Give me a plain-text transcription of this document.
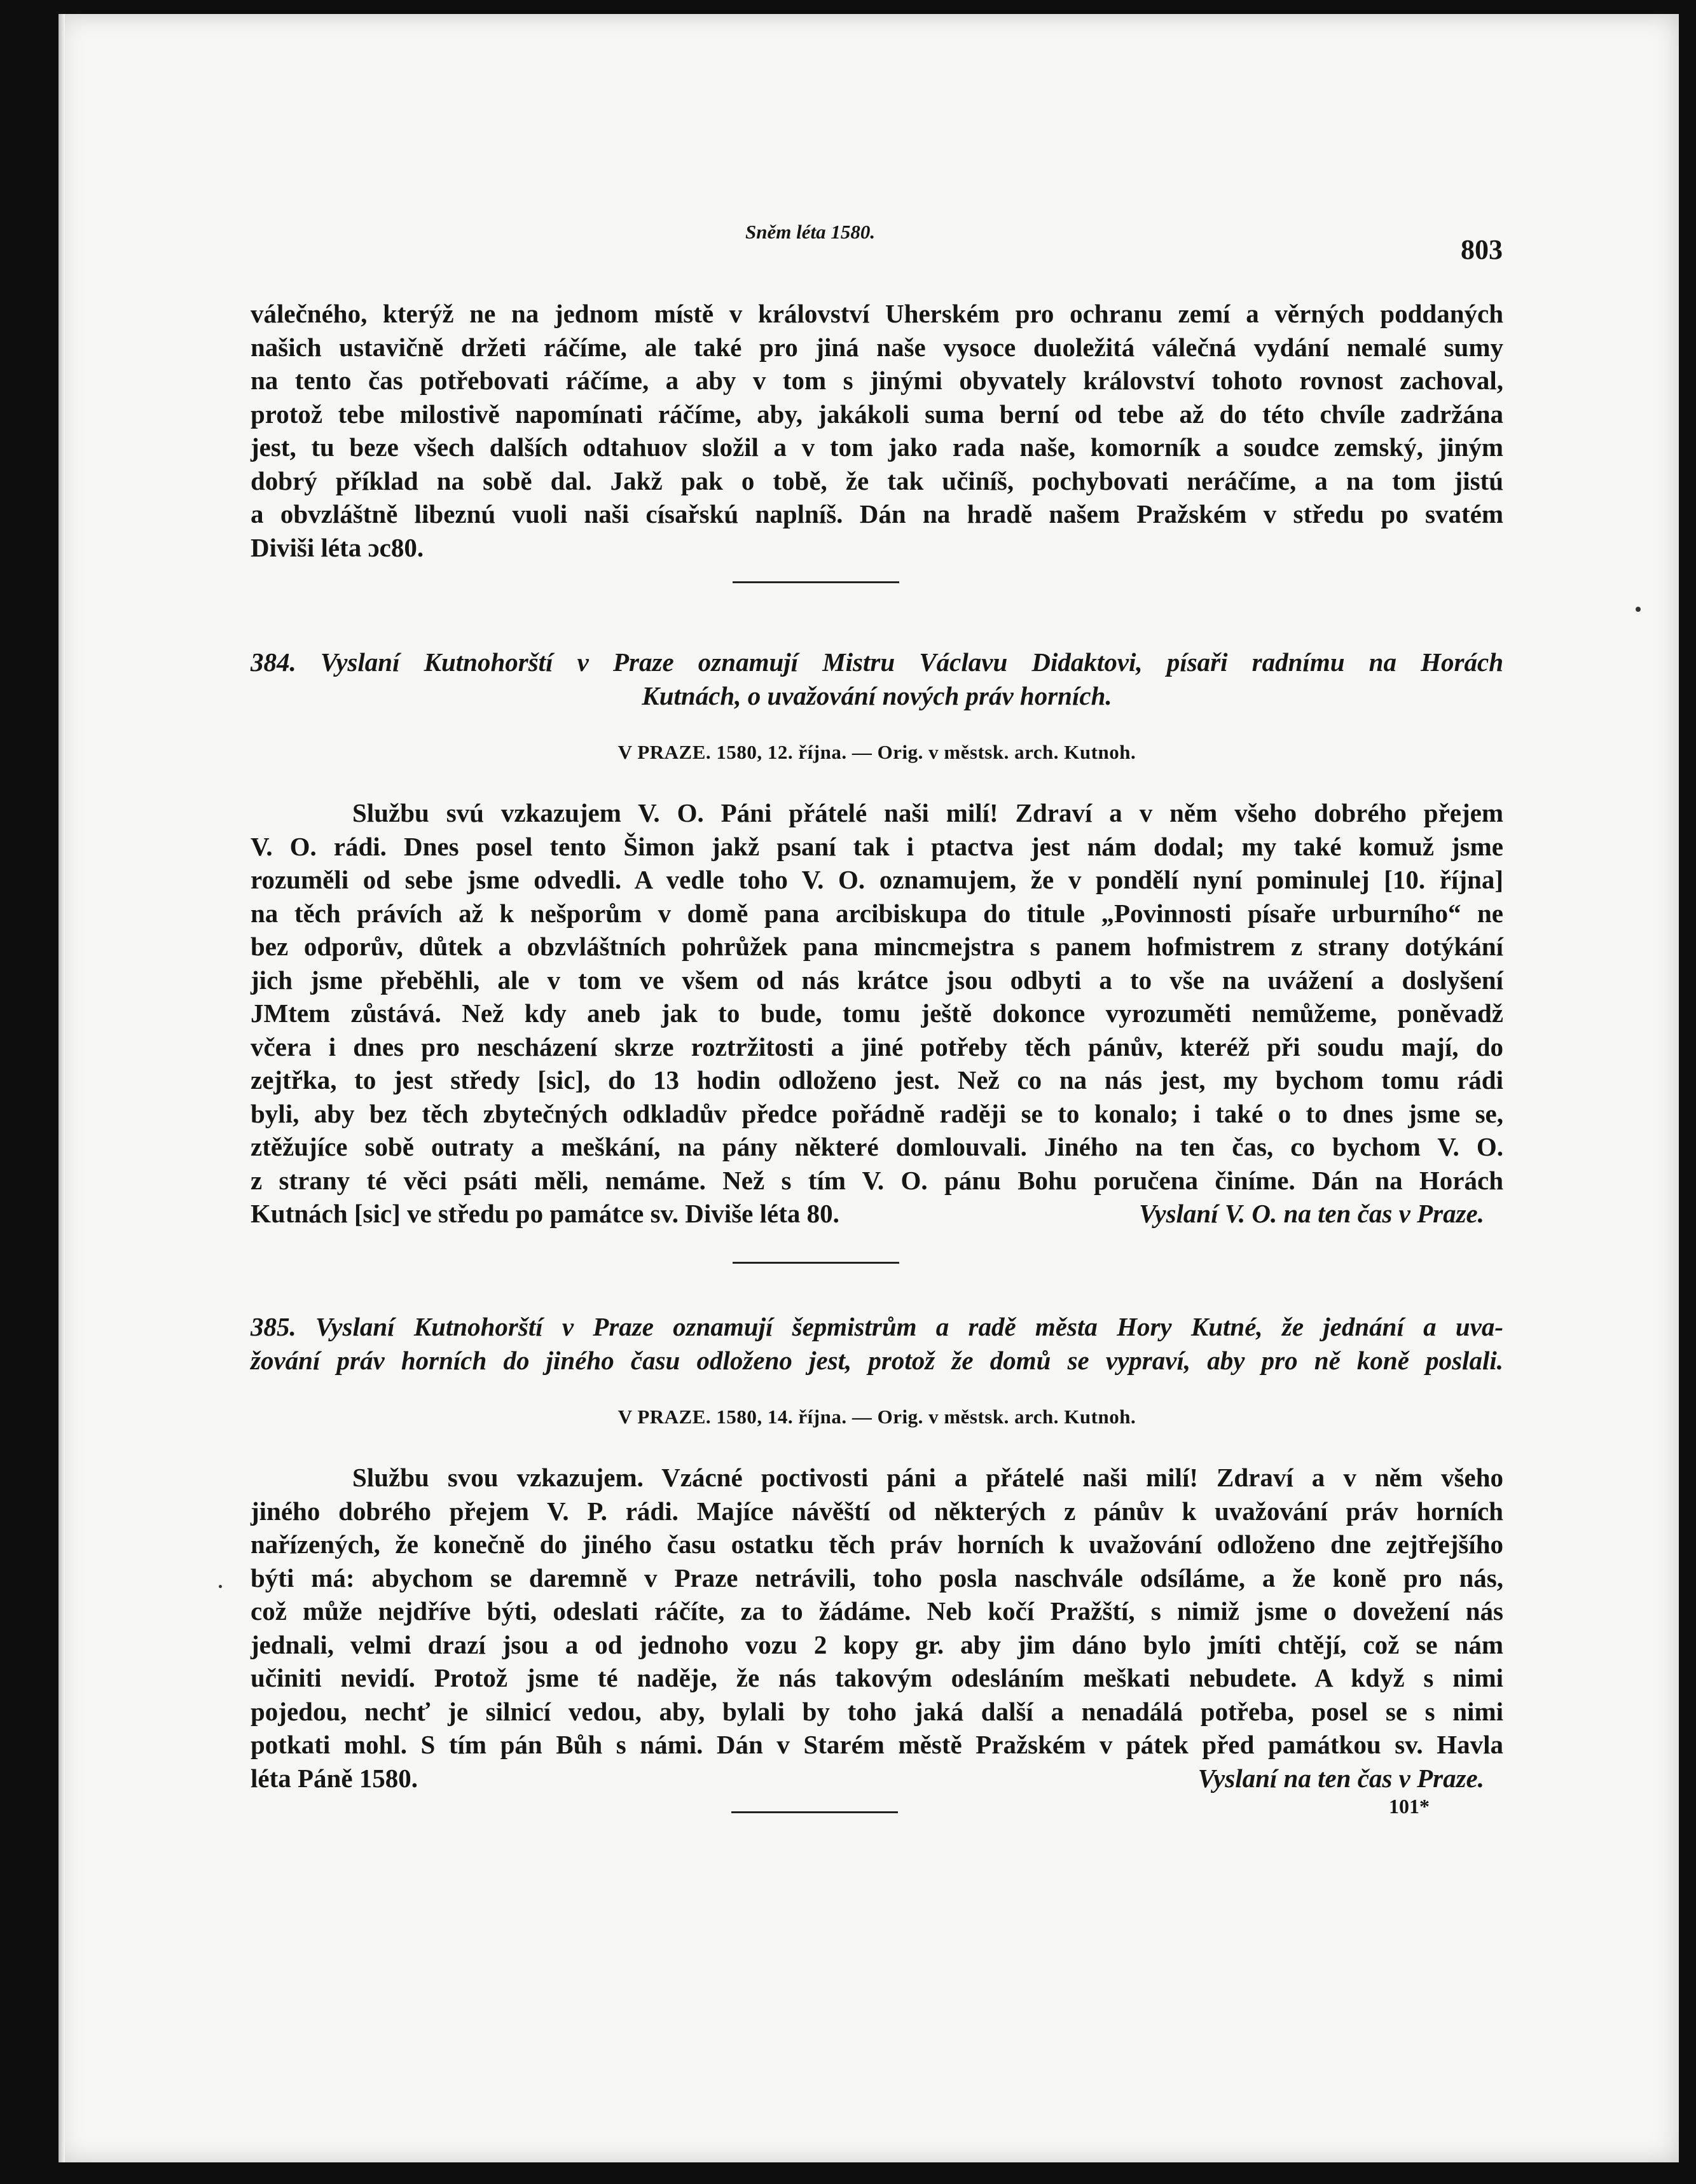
Sněm léta 1580.
803
válečného, kterýž ne na jednom místě v království Uherském pro ochranu zemí a věrných poddaných
našich ustavičně držeti ráčíme, ale také pro jiná naše vysoce duoležitá válečná vydání nemalé sumy
na tento čas potřebovati ráčíme, a aby v tom s jinými obyvately království tohoto rovnost zachoval,
protož tebe milostivě napomínati ráčíme, aby, jakákoli suma berní od tebe až do této chvíle zadržána
jest, tu beze všech dalších odtahuov složil a v tom jako rada naše, komorník a soudce zemský, jiným
dobrý příklad na sobě dal. Jakž pak o tobě, že tak učiníš, pochybovati neráčíme, a na tom jistú
a obvzláštně libeznú vuoli naši císařskú naplníš. Dán na hradě našem Pražském v středu po svatém
Diviši léta ɔc80.
384. Vyslaní Kutnohorští v Praze oznamují Mistru Václavu Didaktovi, písaři radnímu na Horách
Kutnách, o uvažování nových práv horních.
V PRAZE. 1580, 12. října. — Orig. v městsk. arch. Kutnoh.
Službu svú vzkazujem V. O. Páni přátelé naši milí! Zdraví a v něm všeho dobrého přejem
V. O. rádi. Dnes posel tento Šimon jakž psaní tak i ptactva jest nám dodal; my také komuž jsme
rozuměli od sebe jsme odvedli. A vedle toho V. O. oznamujem, že v pondělí nyní pominulej [10. října]
na těch právích až k nešporům v domě pana arcibiskupa do titule „Povinnosti písaře urburního“ ne
bez odporův, důtek a obzvláštních pohrůžek pana mincmejstra s panem hofmistrem z strany dotýkání
jich jsme přeběhli, ale v tom ve všem od nás krátce jsou odbyti a to vše na uvážení a doslyšení
JMtem zůstává. Než kdy aneb jak to bude, tomu ještě dokonce vyrozuměti nemůžeme, poněvadž
včera i dnes pro nescházení skrze roztržitosti a jiné potřeby těch pánův, kteréž při soudu mají, do
zejtřka, to jest středy [sic], do 13 hodin odloženo jest. Než co na nás jest, my bychom tomu rádi
byli, aby bez těch zbytečných odkladův předce pořádně raději se to konalo; i také o to dnes jsme se,
ztěžujíce sobě outraty a meškání, na pány některé domlouvali. Jiného na ten čas, co bychom V. O.
z strany té věci psáti měli, nemáme. Než s tím V. O. pánu Bohu poručena činíme. Dán na Horách
Kutnách [sic] ve středu po památce sv. Diviše léta 80.	Vyslaní V. O. na ten čas v Praze.
385. Vyslaní Kutnohorští v Praze oznamují šepmistrům a radě města Hory Kutné, že jednání a uva-
žování práv horních do jiného času odloženo jest, protož že domů se vypraví, aby pro ně koně poslali.
V PRAZE. 1580, 14. října. — Orig. v městsk. arch. Kutnoh.
Službu svou vzkazujem. Vzácné poctivosti páni a přátelé naši milí! Zdraví a v něm všeho
jiného dobrého přejem V. P. rádi. Majíce návěští od některých z pánův k uvažování práv horních
nařízených, že konečně do jiného času ostatku těch práv horních k uvažování odloženo dne zejtřejšího
býti má: abychom se daremně v Praze netrávili, toho posla naschvále odsíláme, a že koně pro nás,
což může nejdříve býti, odeslati ráčíte, za to žádáme. Neb kočí Pražští, s nimiž jsme o dovežení nás
jednali, velmi drazí jsou a od jednoho vozu 2 kopy gr. aby jim dáno bylo jmíti chtějí, což se nám
učiniti nevidí. Protož jsme té naděje, že nás takovým odesláním meškati nebudete. A když s nimi
pojedou, nechť je silnicí vedou, aby, bylali by toho jaká další a nenadálá potřeba, posel se s nimi
potkati mohl. S tím pán Bůh s námi. Dán v Starém městě Pražském v pátek před památkou sv. Havla
léta Páně 1580.	Vyslaní na ten čas v Praze.
101*
